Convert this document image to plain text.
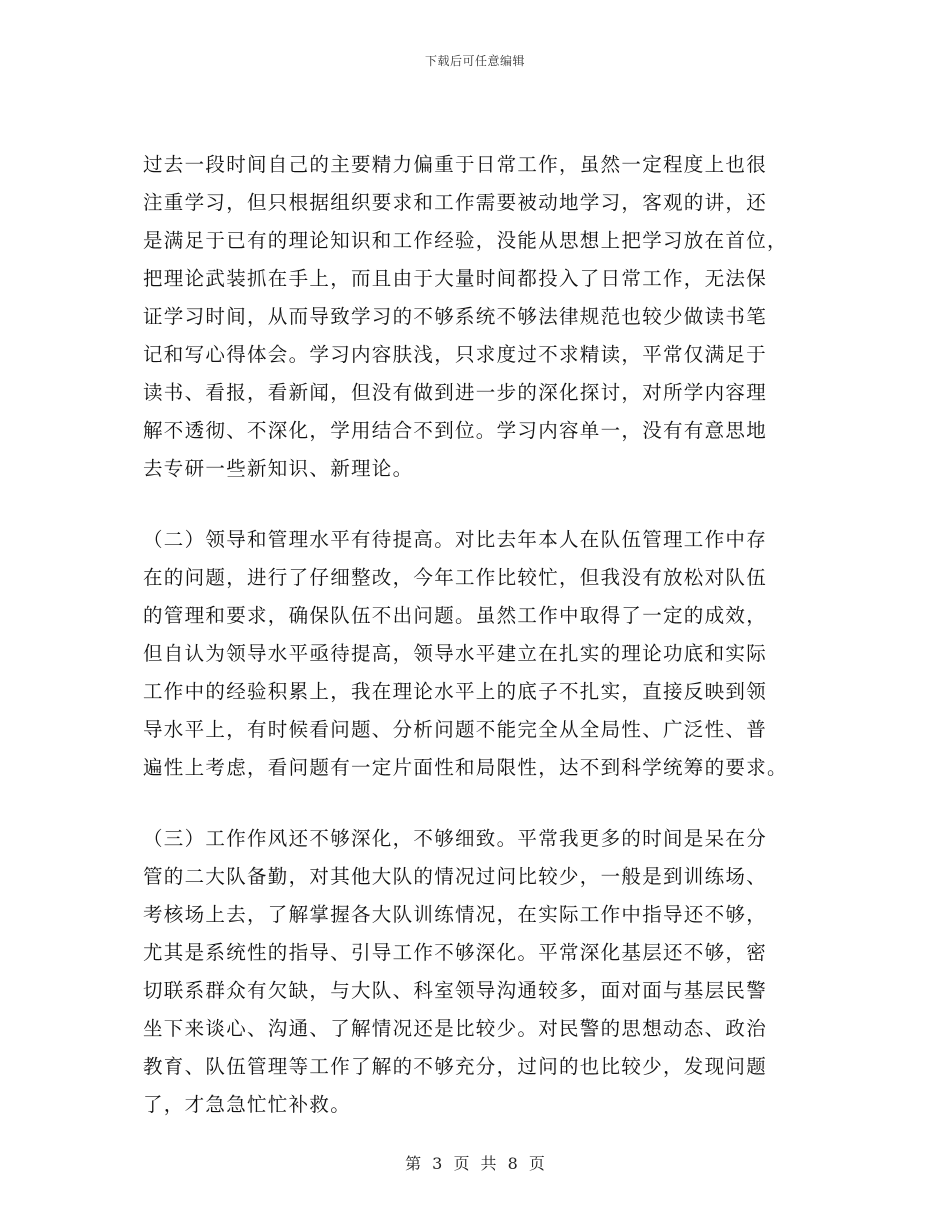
下载后可任意编辑
过去一段时间自己的主要精力偏重于日常工作，虽然一定程度上也很
注重学习，但只根据组织要求和工作需要被动地学习，客观的讲，还
是满足于已有的理论知识和工作经验，没能从思想上把学习放在首位，
把理论武装抓在手上，而且由于大量时间都投入了日常工作，无法保
证学习时间，从而导致学习的不够系统不够法律规范也较少做读书笔
记和写心得体会。学习内容肤浅，只求度过不求精读，平常仅满足于
读书、看报，看新闻，但没有做到进一步的深化探讨，对所学内容理
解不透彻、不深化，学用结合不到位。学习内容单一，没有有意思地
去专研一些新知识、新理论。
（二）领导和管理水平有待提高。对比去年本人在队伍管理工作中存
在的问题，进行了仔细整改，今年工作比较忙，但我没有放松对队伍
的管理和要求，确保队伍不出问题。虽然工作中取得了一定的成效，
但自认为领导水平亟待提高，领导水平建立在扎实的理论功底和实际
工作中的经验积累上，我在理论水平上的底子不扎实，直接反映到领
导水平上，有时候看问题、分析问题不能完全从全局性、广泛性、普
遍性上考虑，看问题有一定片面性和局限性，达不到科学统筹的要求。
（三）工作作风还不够深化，不够细致。平常我更多的时间是呆在分
管的二大队备勤，对其他大队的情况过问比较少，一般是到训练场、
考核场上去，了解掌握各大队训练情况，在实际工作中指导还不够，
尤其是系统性的指导、引导工作不够深化。平常深化基层还不够，密
切联系群众有欠缺，与大队、科室领导沟通较多，面对面与基层民警
坐下来谈心、沟通、了解情况还是比较少。对民警的思想动态、政治
教育、队伍管理等工作了解的不够充分，过问的也比较少，发现问题
了，才急急忙忙补救。
第 3 页 共 8 页
